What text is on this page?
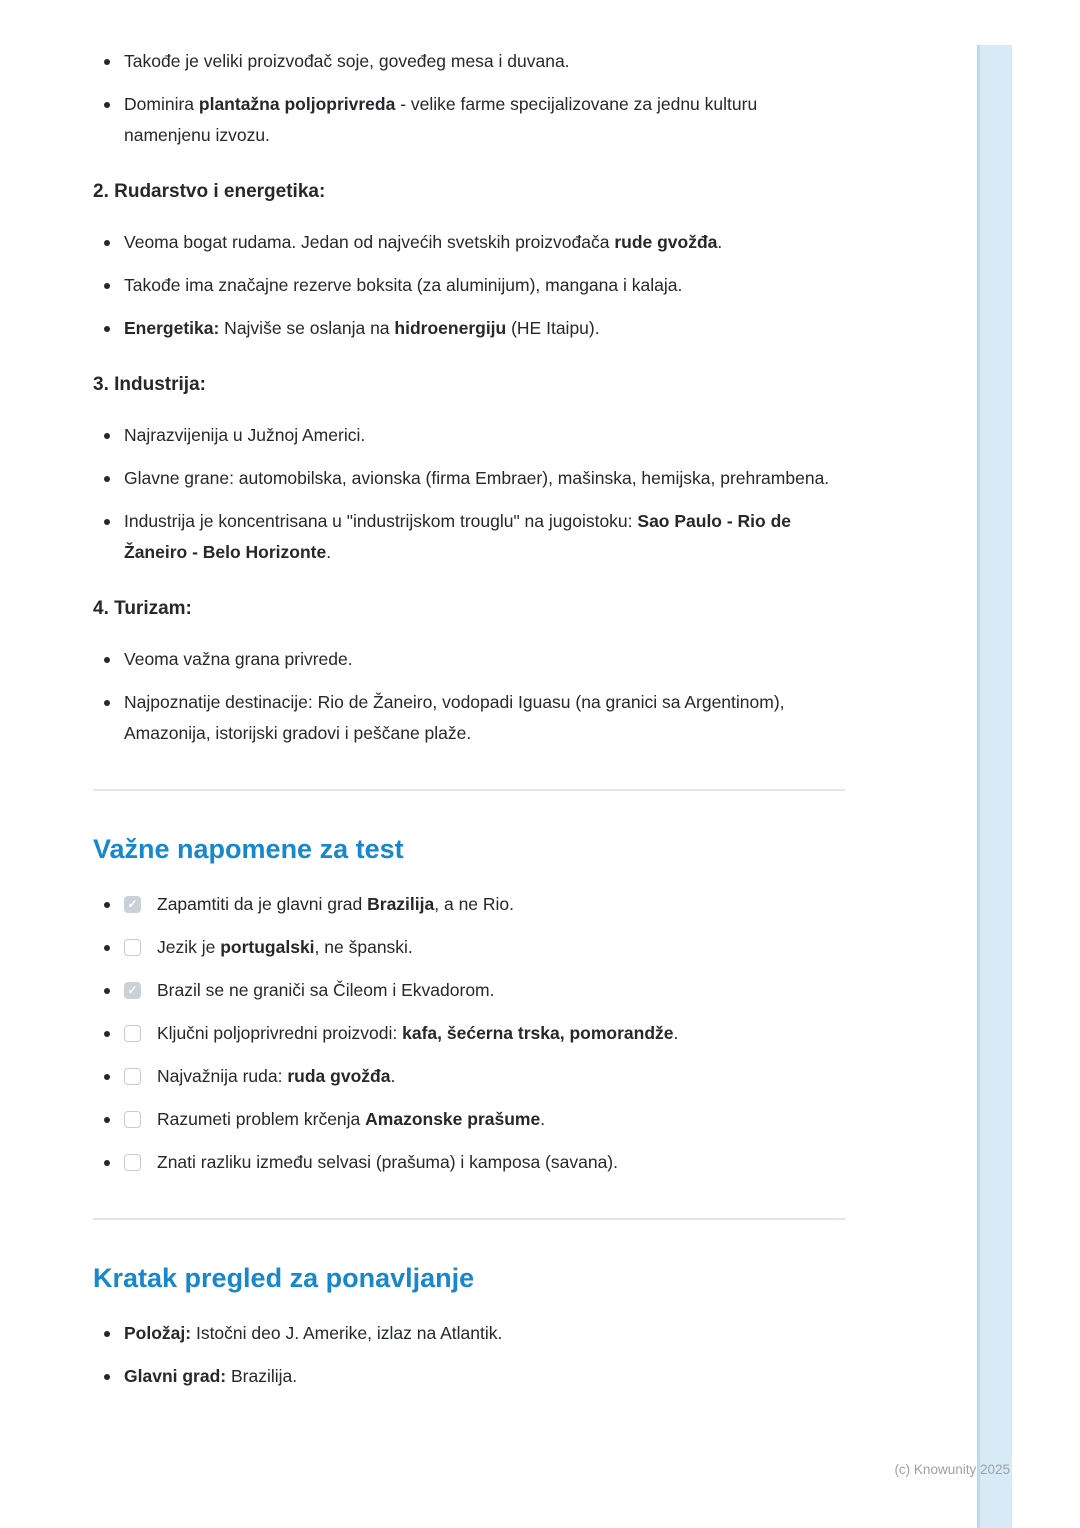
Takođe je veliki proizvođač soje, goveđeg mesa i duvana.
Dominira plantažna poljoprivreda - velike farme specijalizovane za jednu kulturu namenjenu izvozu.
2. Rudarstvo i energetika:
Veoma bogat rudama. Jedan od najvećih svetskih proizvođača rude gvožđa.
Takođe ima značajne rezerve boksita (za aluminijum), mangana i kalaja.
Energetika: Najviše se oslanja na hidroenergiju (HE Itaipu).
3. Industrija:
Najrazvijenija u Južnoj Americi.
Glavne grane: automobilska, avionska (firma Embraer), mašinska, hemijska, prehrambena.
Industrija je koncentrisana u "industrijskom trouglu" na jugoistoku: Sao Paulo - Rio de Žaneiro - Belo Horizonte.
4. Turizam:
Veoma važna grana privrede.
Najpoznatije destinacije: Rio de Žaneiro, vodopadi Iguasu (na granici sa Argentinom), Amazonija, istorijski gradovi i peščane plaže.
Važne napomene za test
✓ Zapamtiti da je glavni grad Brazilija, a ne Rio.
Jezik je portugalski, ne španski.
✓ Brazil se ne graniči sa Čileom i Ekvadorom.
Ključni poljoprivredni proizvodi: kafa, šećerna trska, pomorandže.
Najvažnija ruda: ruda gvožđa.
Razumeti problem krčenja Amazonske prašume.
Znati razliku između selvasi (prašuma) i kamposa (savana).
Kratak pregled za ponavljanje
Položaj: Istočni deo J. Amerike, izlaz na Atlantik.
Glavni grad: Brazilija.
(c) Knowunity 2025
